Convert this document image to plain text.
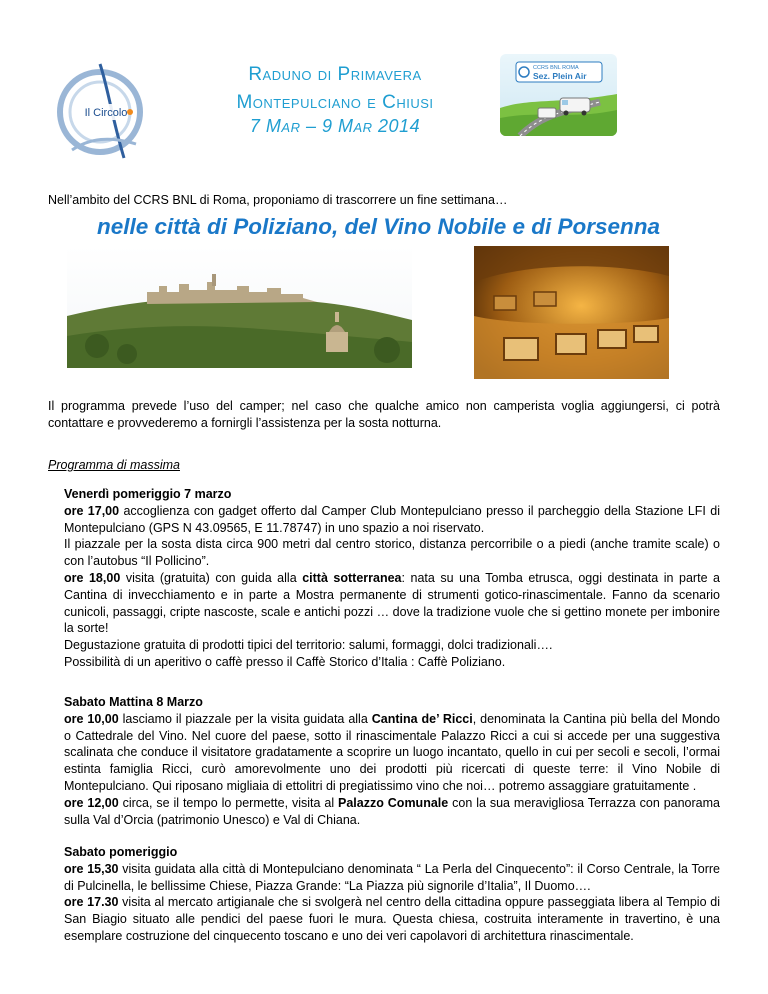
Il Circolo
Raduno di Primavera
Montepulciano e Chiusi
7 Mar – 9 Mar 2014
CCRS BNL ROMA
Sez. Plein Air
Nell’ambito del CCRS BNL di Roma, proponiamo di trascorrere un fine settimana…
nelle città di Poliziano, del Vino Nobile e di Porsenna
Il programma prevede l’uso del camper; nel caso che qualche amico non camperista voglia aggiungersi, ci potrà contattare e provvederemo a fornirgli l’assistenza per la sosta notturna.
Programma di massima

Venerdì pomeriggio 7 marzo

ore 17,00 accoglienza con gadget offerto dal Camper Club Montepulciano presso il parcheggio della Stazione LFI di Montepulciano (GPS N 43.09565, E 11.78747) in uno spazio a noi riservato.

Il piazzale per la sosta dista circa 900 metri dal centro storico, distanza percorribile o a piedi (anche tramite scale) o con l’autobus “Il Pollicino”.

ore 18,00 visita (gratuita) con guida alla città sotterranea: nata su una Tomba etrusca, oggi destinata in parte a Cantina di invecchiamento e in parte a Mostra permanente di strumenti gotico-rinascimentale. Fanno da scenario cunicoli, passaggi, cripte nascoste, scale e antichi pozzi … dove la tradizione vuole che si gettino monete per imbonire la sorte!

Degustazione gratuita di prodotti tipici del territorio: salumi, formaggi, dolci tradizionali….

Possibilità di un aperitivo o caffè presso il Caffè Storico d’Italia : Caffè Poliziano.

Sabato Mattina 8 Marzo

ore 10,00 lasciamo il piazzale per la visita guidata alla Cantina de’ Ricci, denominata la Cantina più bella del Mondo o Cattedrale del Vino. Nel cuore del paese, sotto il rinascimentale Palazzo Ricci a cui si accede per una suggestiva scalinata che conduce il visitatore gradatamente a scoprire un luogo incantato, quello in cui per secoli e secoli, l’ormai estinta famiglia Ricci, curò amorevolmente uno dei prodotti più ricercati di queste terre: il Vino Nobile di Montepulciano. Qui riposano migliaia di ettolitri di pregiatissimo vino che noi… potremo assaggiare gratuitamente .

ore 12,00 circa, se il tempo lo permette, visita al Palazzo Comunale con la sua meravigliosa Terrazza con panorama sulla Val d’Orcia (patrimonio Unesco) e Val di Chiana.

Sabato pomeriggio

ore 15,30 visita guidata alla città di Montepulciano denominata “ La Perla del Cinquecento”: il Corso Centrale, la Torre di Pulcinella, le bellissime Chiese, Piazza Grande: “La Piazza più signorile d’Italia”, Il Duomo….

ore 17.30 visita al mercato artigianale che si svolgerà nel centro della cittadina oppure passeggiata libera al Tempio di San Biagio situato alle pendici del paese fuori le mura. Questa chiesa, costruita interamente in travertino, è una esemplare costruzione del cinquecento toscano e uno dei veri capolavori di architettura rinascimentale.
